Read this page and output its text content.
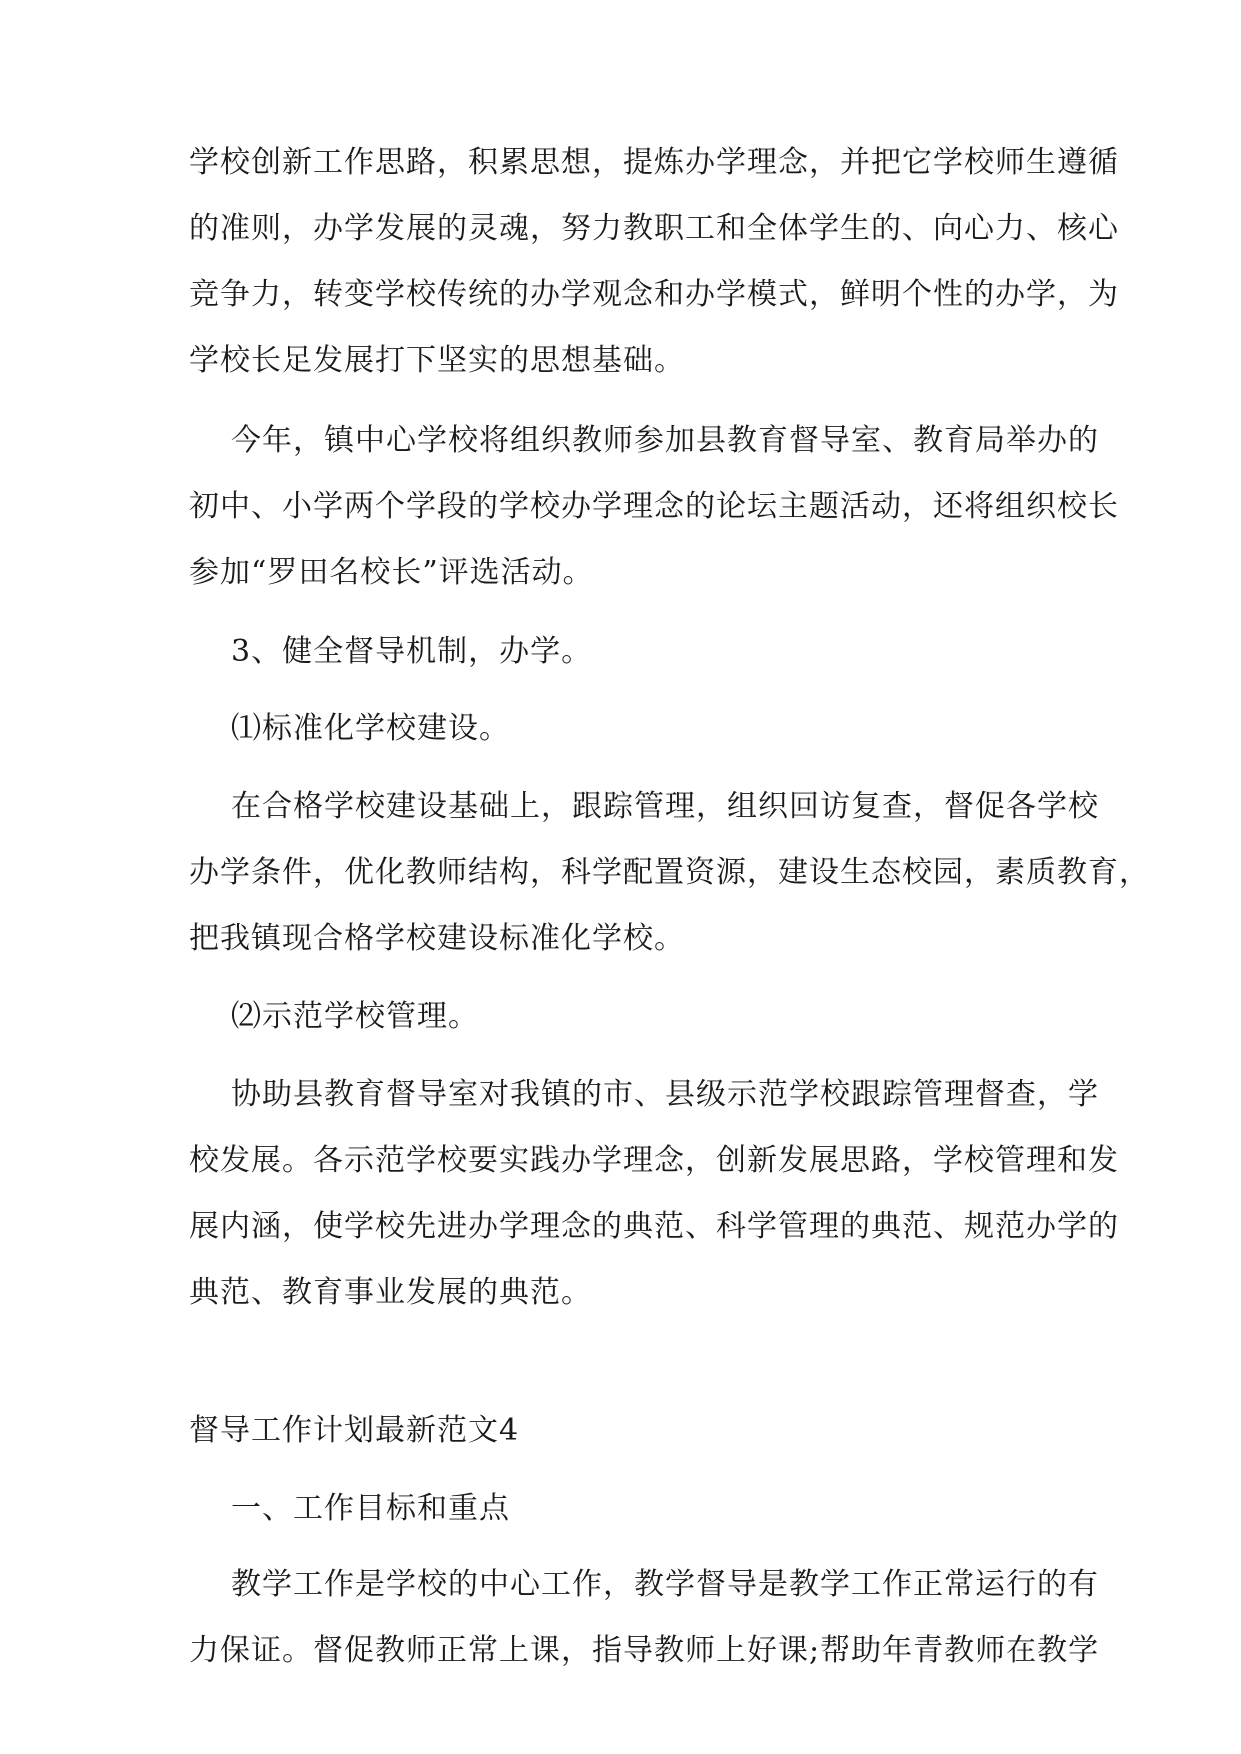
学校创新工作思路，积累思想，提炼办学理念，并把它学校师生遵循
的准则，办学发展的灵魂，努力教职工和全体学生的、向心力、核心
竞争力，转变学校传统的办学观念和办学模式，鲜明个性的办学，为
学校长足发展打下坚实的思想基础。
今年，镇中心学校将组织教师参加县教育督导室、教育局举办的
初中、小学两个学段的学校办学理念的论坛主题活动，还将组织校长
参加“罗田名校长”评选活动。
3、健全督导机制，办学。
⑴标准化学校建设。
在合格学校建设基础上，跟踪管理，组织回访复查，督促各学校
办学条件，优化教师结构，科学配置资源，建设生态校园，素质教育，
把我镇现合格学校建设标准化学校。
⑵示范学校管理。
协助县教育督导室对我镇的市、县级示范学校跟踪管理督查，学
校发展。各示范学校要实践办学理念，创新发展思路，学校管理和发
展内涵，使学校先进办学理念的典范、科学管理的典范、规范办学的
典范、教育事业发展的典范。
督导工作计划最新范文4
一、工作目标和重点
教学工作是学校的中心工作，教学督导是教学工作正常运行的有
力保证。督促教师正常上课，指导教师上好课;帮助年青教师在教学
